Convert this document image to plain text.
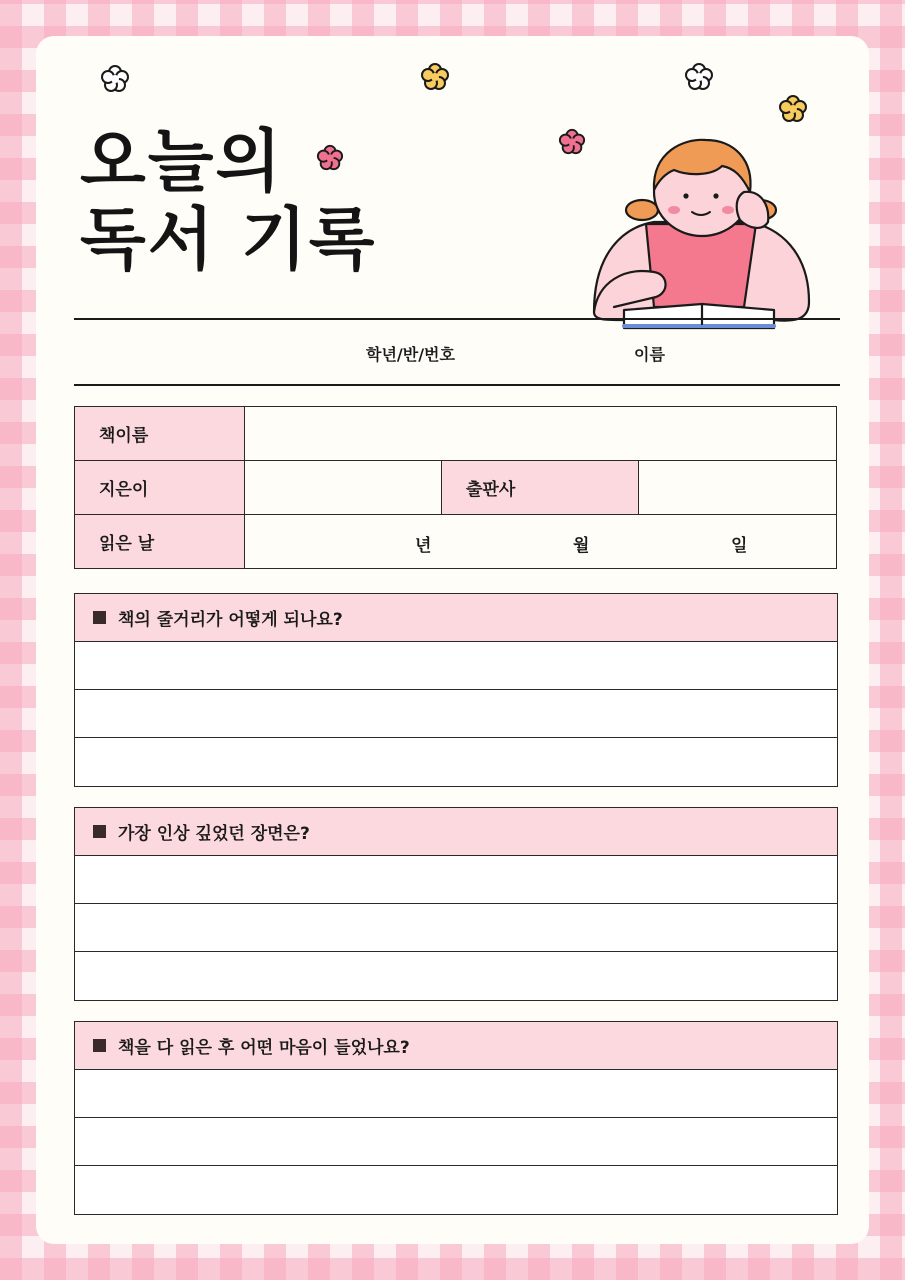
오늘의
독서 기록
학년/반/번호	이름
책이름			
지은이		출판사	
읽은 날	년 월 일		
책의 줄거리가 어떻게 되나요?
가장 인상 깊었던 장면은?
책을 다 읽은 후 어떤 마음이 들었나요?
